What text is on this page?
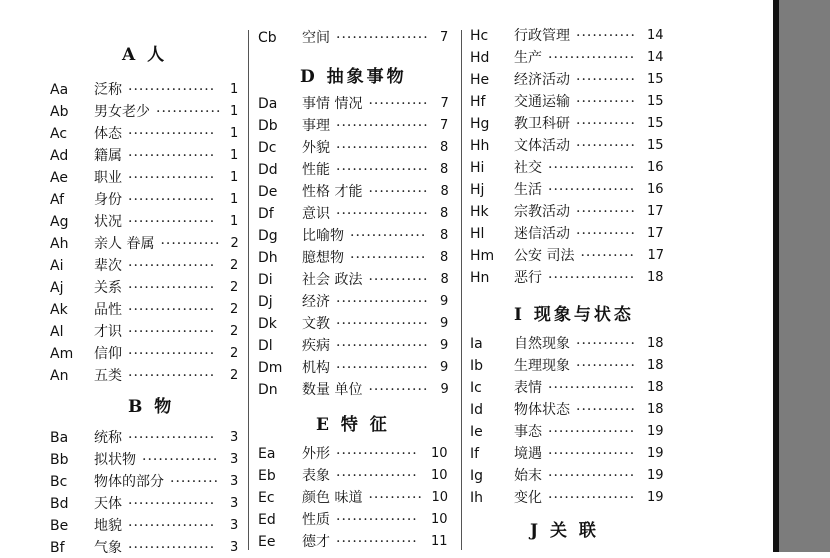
A 人
Aa	泛称 ················	1
Ab	男女老少 ············ 1
Ac	体态 ················	1
Ad	籍属 ················	1
Ae	职业 ················	1
Af	身份 ················	1
Ag	状况 ················	1
Ah	亲人 眷属 ··········· 2
Ai	辈次 ················	2
Aj	关系 ················	2
Ak	品性 ················	2
Al	才识 ················	2
Am	信仰 ················	2
An	五类 ················	2
B 物
Ba	统称 ················	3
Bb	拟状物 ·············· 3
Bc	物体的部分 ········· 3
Bd	天体 ················	3
Be	地貌 ················	3
Bf	气象 ················	3
Cb	空间 ················· 7
D 抽象事物
Da	事情 情况 ··········· 7
Db	事理 ················· 7
Dc	外貌 ················· 8
Dd	性能 ················· 8
De	性格 才能 ··········· 8
Df	意识 ················· 8
Dg	比喻物 ··············	8
Dh	臆想物 ··············	8
Di	社会 政法 ··········· 8
Dj	经济 ················· 9
Dk	文教 ················· 9
Dl	疾病 ················· 9
Dm	机构 ················· 9
Dn	数量 单位 ··········· 9
E 特 征
Ea	外形 ···············	10
Eb	表象 ···············	10
Ec	颜色 味道 ·········· 10
Ed	性质 ···············	10
Ee	德才 ···············	11
Hc	行政管理 ··········· 14
Hd	生产 ················ 14
He	经济活动 ··········· 15
Hf	交通运输 ··········· 15
Hg	教卫科研 ··········· 15
Hh	文体活动 ··········· 15
Hi	社交 ················ 16
Hj	生活 ················ 16
Hk	宗教活动 ··········· 17
Hl	迷信活动 ··········· 17
Hm	公安 司法 ·········· 17
Hn	恶行 ················ 18
I 现象与状态
Ia	自然现象 ··········· 18
Ib	生理现象 ··········· 18
Ic	表情 ················ 18
Id	物体状态 ··········· 18
Ie	事态 ················ 19
If	境遇 ················ 19
Ig	始末 ················ 19
Ih	变化 ················ 19
J 关 联
